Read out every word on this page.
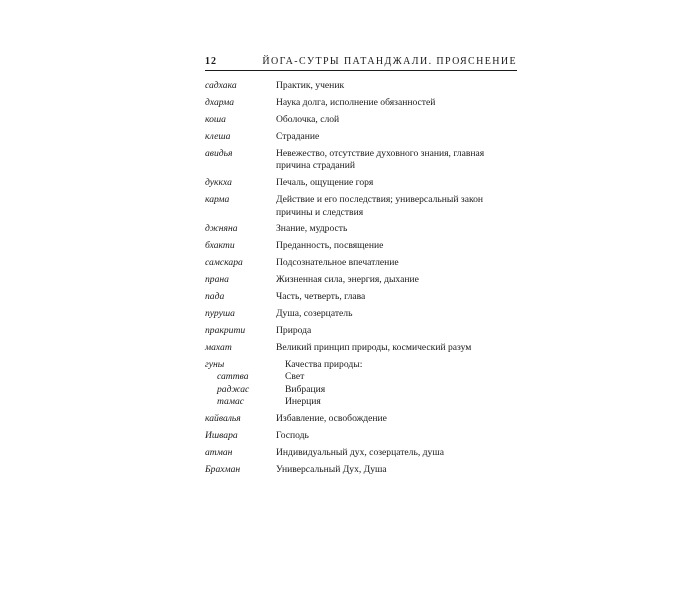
12	ЙОГА-СУТРЫ ПАТАНДЖАЛИ. ПРОЯСНЕНИЕ
садхака	Практик, ученик
дхарма	Наука долга, исполнение обязанностей
коша	Оболочка, слой
клеша	Страдание
авидья	Невежество, отсутствие духовного знания, главная
причина страданий
дуккха	Печаль, ощущение горя
карма	Действие и его последствия; универсальный закон
причины и следствия
джняна	Знание, мудрость
бхакти	Преданность, посвящение
самскара	Подсознательное впечатление
прана	Жизненная сила, энергия, дыхание
пада	Часть, четверть, глава
пуруша	Душа, созерцатель
пракрити	Природа
махат	Великий принцип природы, космический разум
гуны	Качества природы:
саттва	Свет
раджас	Вибрация
тамас	Инерция
кайвалья	Избавление, освобождение
Ишвара	Господь
атман	Индивидуальный дух, созерцатель, душа
Брахман	Универсальный Дух, Душа
